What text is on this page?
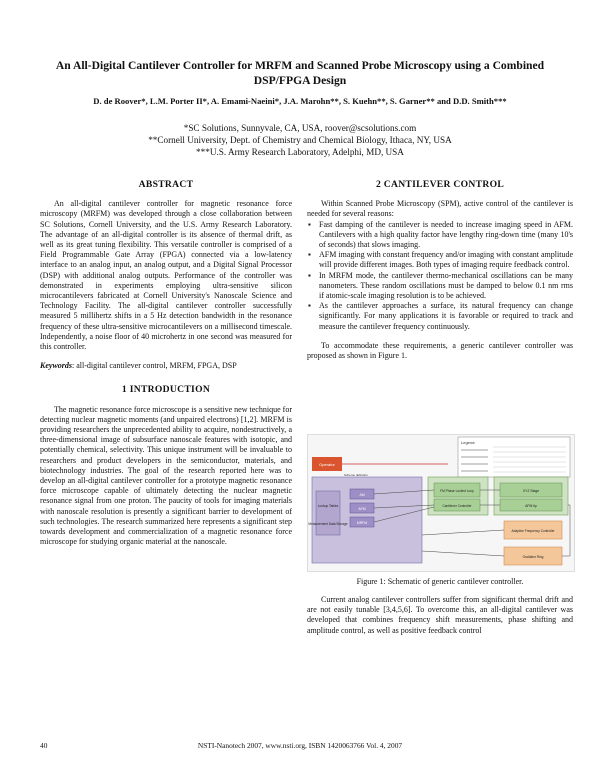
An All-Digital Cantilever Controller for MRFM and Scanned Probe Microscopy using a Combined DSP/FPGA Design
D. de Roover*, L.M. Porter II*, A. Emami-Naeini*, J.A. Marohn**, S. Kuehn**, S. Garner** and D.D. Smith***
*SC Solutions, Sunnyvale, CA, USA, roover@scsolutions.com
**Cornell University, Dept. of Chemistry and Chemical Biology, Ithaca, NY, USA
***U.S. Army Research Laboratory, Adelphi, MD, USA
ABSTRACT

An all-digital cantilever controller for magnetic resonance force microscopy (MRFM) was developed through a close collaboration between SC Solutions, Cornell University, and the U.S. Army Research Laboratory. The advantage of an all-digital controller is its absence of thermal drift, as well as its great tuning flexibility. This versatile controller is comprised of a Field Programmable Gate Array (FPGA) connected via a low-latency interface to an analog input, an analog output, and a Digital Signal Processor (DSP) with additional analog outputs. Performance of the controller was demonstrated in experiments employing ultra-sensitive silicon microcantilevers fabricated at Cornell University's Nanoscale Science and Technology Facility. The all-digital cantilever controller successfully measured 5 millihertz shifts in a 5 Hz detection bandwidth in the resonance frequency of these ultra-sensitive microcantilevers on a millisecond timescale. Independently, a noise floor of 40 microhertz in one second was measured for this controller.

Keywords: all-digital cantilever control, MRFM, FPGA, DSP

1 INTRODUCTION

The magnetic resonance force microscope is a sensitive new technique for detecting nuclear magnetic moments (and unpaired electrons) [1,2]. MRFM is providing researchers the unprecedented ability to acquire, nondestructively, a three-dimensional image of subsurface nanoscale features with isotopic, and potentially chemical, selectivity. This unique instrument will be invaluable to researchers and product developers in the semiconductor, materials, and biotechnology industries. The goal of the research reported here was to develop an all-digital cantilever controller for a prototype magnetic resonance force microscope capable of ultimately detecting the nuclear magnetic resonance signal from one proton. The paucity of tools for imaging materials with nanoscale resolution is presently a significant barrier to development of such technologies. The research summarized here represents a significant step towards development and commercialization of a magnetic resonance force microscope for studying organic material at the nanoscale.

2 CANTILEVER CONTROL

Within Scanned Probe Microscopy (SPM), active control of the cantilever is needed for several reasons:

▪ Fast damping of the cantilever is needed to increase imaging speed in AFM. Cantilevers with a high quality factor have lengthy ring-down time (many 10's of seconds) that slows imaging.
▪ AFM imaging with constant frequency and/or imaging with constant amplitude will provide different images. Both types of imaging require feedback control.
▪ In MRFM mode, the cantilever thermo-mechanical oscillations can be many nanometers. These random oscillations must be damped to below 0.1 nm rms if atomic-scale imaging resolution is to be achieved.
▪ As the cantilever approaches a surface, its natural frequency can change significantly. For many applications it is favorable or required to track and measure the cantilever frequency continuously.

To accommodate these requirements, a generic cantilever controller was proposed as shown in Figure 1.

Legend:
Operator
Scheme definition
Lookup Tables
Measurement Data Storage
AM
AFM
MRFM
FM Phase Locked Loop
Cantilever Controller
XYZ Stage
AFM tip
Adaptive Frequency Controller
Oscillator Ring
Figure 1: Schematic of generic cantilever controller.

Current analog cantilever controllers suffer from significant thermal drift and are not easily tunable [3,4,5,6]. To overcome this, an all-digital cantilever was developed that combines frequency shift measurements, phase shifting and amplitude control, as well as positive feedback control

40	NSTI-Nanotech 2007, www.nsti.org, ISBN 1420063766 Vol. 4, 2007
